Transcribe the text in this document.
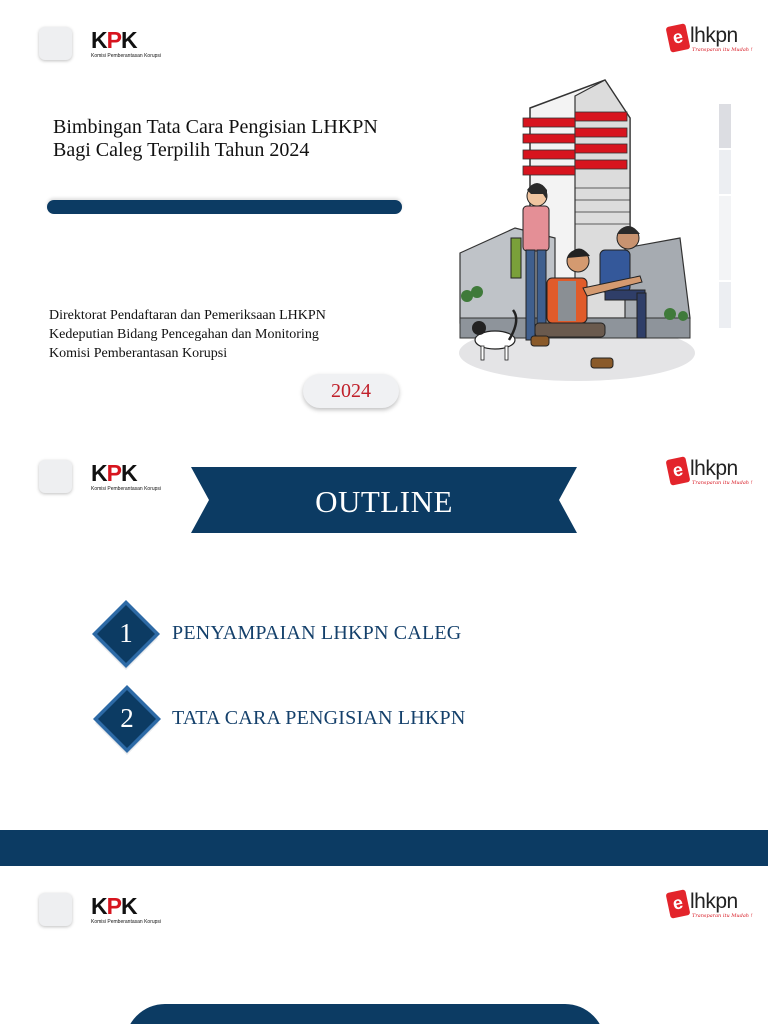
KPK
Komisi Pemberantasan Korupsi
e lhkpn
Transparan itu Mudah !
Bimbingan Tata Cara Pengisian LHKPN Bagi Caleg Terpilih Tahun 2024
Direktorat Pendaftaran dan Pemeriksaan LHKPN
Kedeputian Bidang Pencegahan dan Monitoring
Komisi Pemberantasan Korupsi
2024
KPK
Komisi Pemberantasan Korupsi
e lhkpn
Transparan itu Mudah !
OUTLINE
1	PENYAMPAIAN LHKPN CALEG
2	TATA CARA PENGISIAN LHKPN
KPK
Komisi Pemberantasan Korupsi
e lhkpn
Transparan itu Mudah !
